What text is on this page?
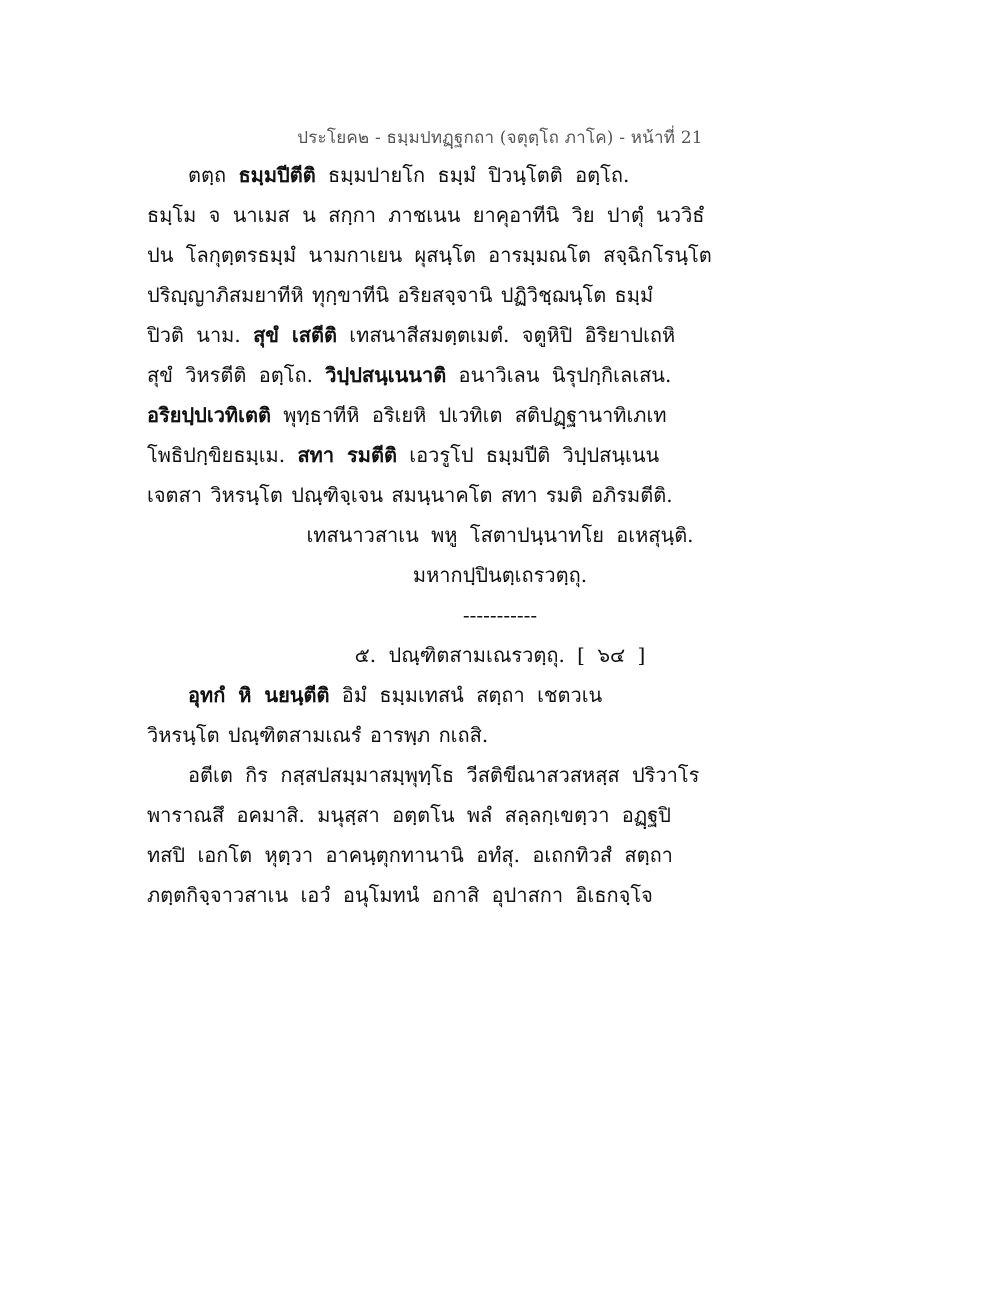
ประโยค๒ - ธมฺมปทฏฺฐกถา (จตุตฺโถ ภาโค) - หน้าที่ 21
ตตฺถ ธมฺมปีตีติ ธมฺมปายโก ธมฺมํ ปิวนฺโตติ อตฺโถ.
ธมฺโม จ นาเมส น สกฺกา ภาชเนน ยาคุอาทีนิ วิย ปาตุํ นววิธํ
ปน โลกุตฺตรธมฺมํ นามกาเยน ผุสนฺโต อารมฺมณโต สจฺฉิกโรนฺโต
ปริญฺญาภิสมยาทีหิ ทุกฺขาทีนิ อริยสจฺจานิ ปฏิวิชฺฌนฺโต ธมฺมํ
ปิวติ นาม. สุขํ เสตีติ เทสนาสีสมตฺตเมตํ. จตูหิปิ อิริยาปเถหิ
สุขํ วิหรตีติ อตฺโถ. วิปฺปสนฺเนนาติ อนาวิเลน นิรุปกฺกิเลเสน.
อริยปฺปเวทิเตติ พุทฺธาทีหิ อริเยหิ ปเวทิเต สติปฏฺฐานาทิเภเท
โพธิปกฺขิยธมฺเม. สทา รมตีติ เอวรูโป ธมฺมปีติ วิปฺปสนฺเนน
เจตสา วิหรนฺโต ปณฺฑิจฺเจน สมนฺนาคโต สทา รมติ อภิรมตีติ.
เทสนาวสาเน พหู โสตาปนฺนาทโย อเหสุนฺติ.
มหากปฺปินตฺเถรวตฺถุ.
-----------
๕. ปณฺฑิตสามเณรวตฺถุ. [ ๖๔ ]
อุทกํ หิ นยนฺตีติ อิมํ ธมฺมเทสนํ สตฺถา เชตวเน
วิหรนฺโต ปณฺฑิตสามเณรํ อารพฺภ กเถสิ.
อตีเต กิร กสฺสปสมฺมาสมฺพุทฺโธ วีสติขีณาสวสหสฺส ปริวาโร
พาราณสึ อคมาสิ. มนุสฺสา อตฺตโน พลํ สลฺลกฺเขตฺวา อฏฺฐปิ
ทสปิ เอกโต หุตฺวา อาคนฺตุกทานานิ อทํสุ. อเถกทิวสํ สตฺถา
ภตฺตกิจฺจาวสาเน เอวํ อนุโมทนํ อกาสิ อุปาสกา อิเธกจฺโจ
